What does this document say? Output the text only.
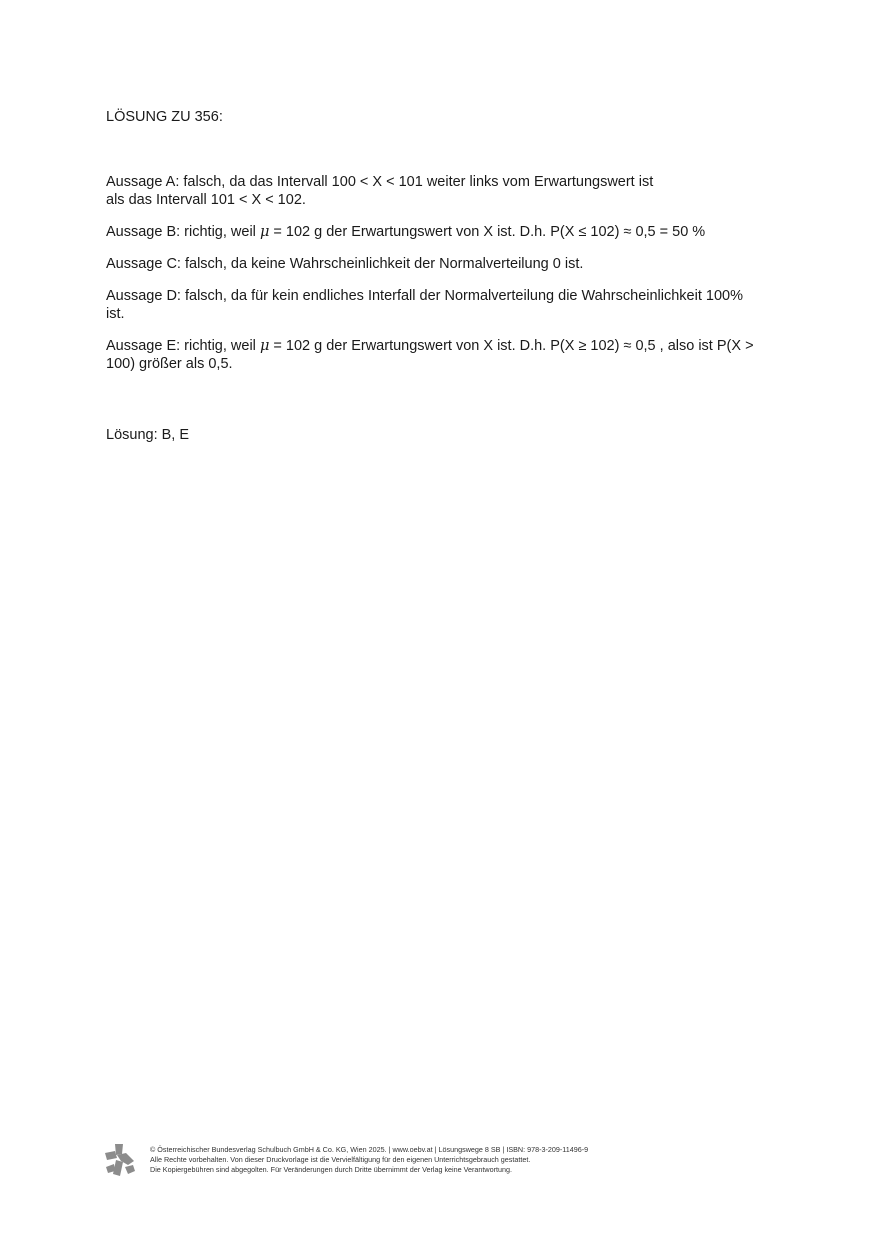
LÖSUNG ZU 356:

Aussage A: falsch, da das Intervall 100 < X < 101 weiter links vom Erwartungswert ist
als das Intervall 101 < X < 102.

Aussage B: richtig, weil μ = 102 g der Erwartungswert von X ist. D.h. P(X ≤ 102) ≈ 0,5 = 50 %

Aussage C: falsch, da keine Wahrscheinlichkeit der Normalverteilung 0 ist.

Aussage D: falsch, da für kein endliches Interfall der Normalverteilung die Wahrscheinlichkeit 100%
ist.

Aussage E: richtig, weil μ = 102 g der Erwartungswert von X ist. D.h. P(X ≥ 102) ≈ 0,5 , also ist P(X >
100) größer als 0,5.

Lösung: B, E
© Österreichischer Bundesverlag Schulbuch GmbH & Co. KG, Wien 2025. | www.oebv.at | Lösungswege 8 SB | ISBN: 978-3-209-11496-9
Alle Rechte vorbehalten. Von dieser Druckvorlage ist die Vervielfältigung für den eigenen Unterrichtsgebrauch gestattet.
Die Kopiergebühren sind abgegolten. Für Veränderungen durch Dritte übernimmt der Verlag keine Verantwortung.
